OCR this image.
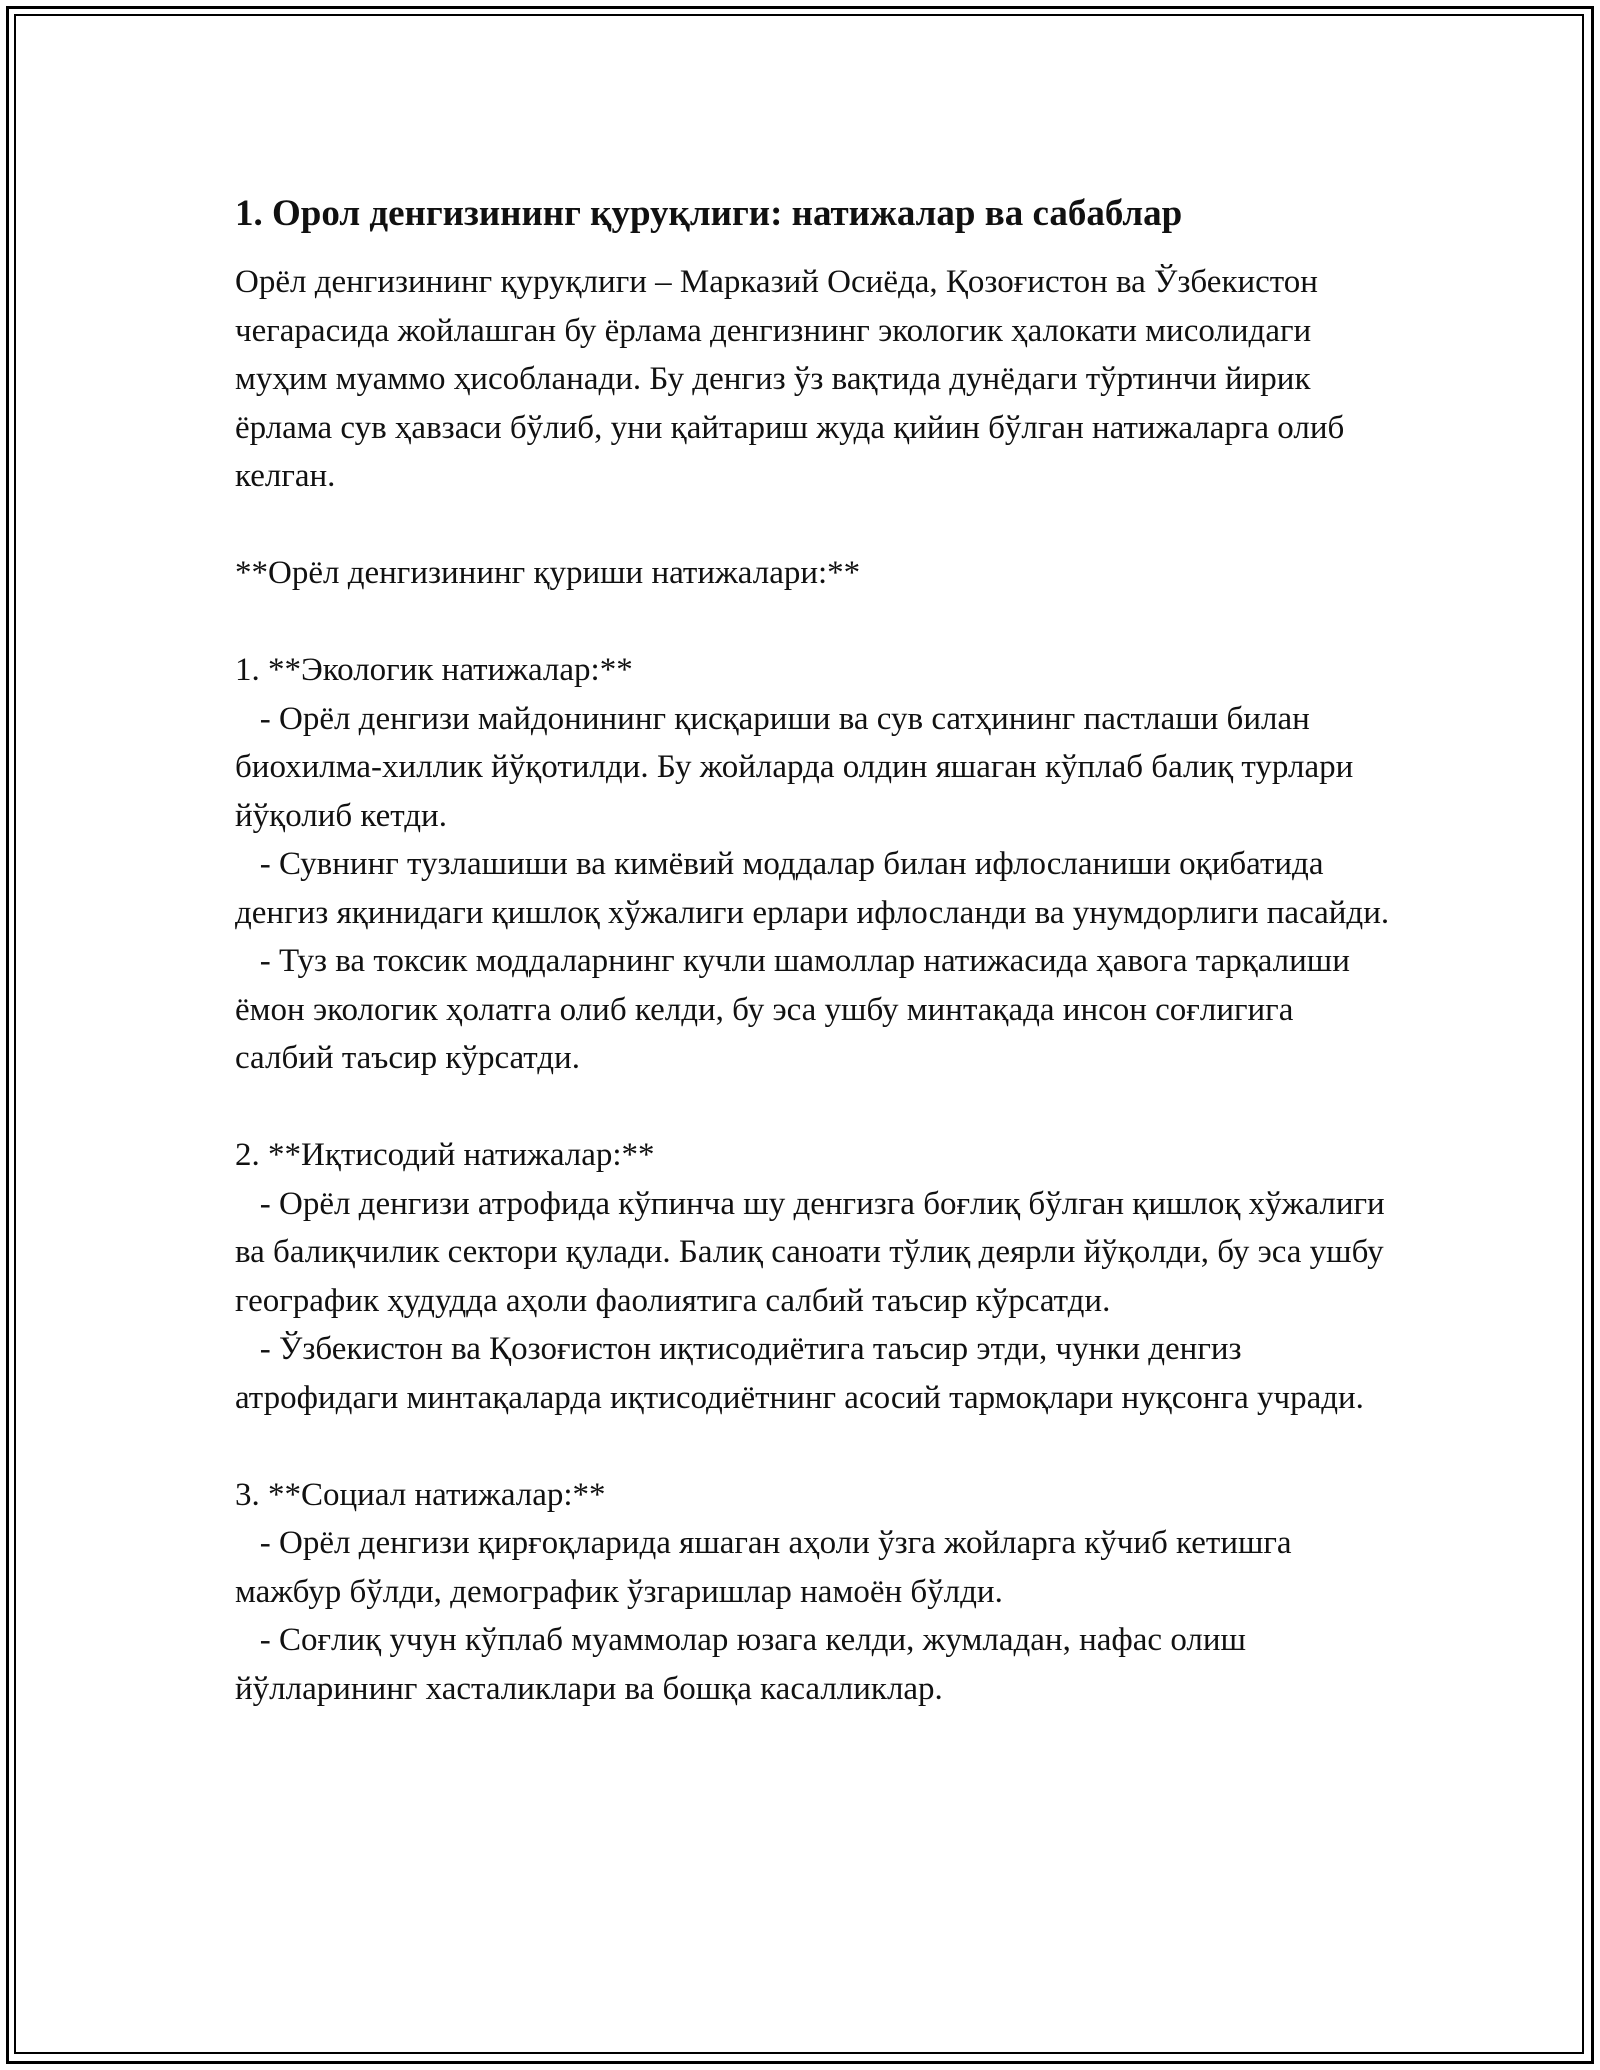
1. Орол денгизининг қуруқлиги: натижалар ва сабаблар

Орёл денгизининг қуруқлиги – Марказий Осиёда, Қозоғистон ва Ўзбекистон чегарасида жойлашган бу ёрлама денгизнинг экологик ҳалокати мисолидаги муҳим муаммо ҳисобланади. Бу денгиз ўз вақтида дунёдаги тўртинчи йирик ёрлама сув ҳавзаси бўлиб, уни қайтариш жуда қийин бўлган натижаларга олиб келган.

**Орёл денгизининг қуриши натижалари:**

1. **Экологик натижалар:**

- Орёл денгизи майдонининг қисқариши ва сув сатҳининг пастлаши билан биохилма-хиллик йўқотилди. Бу жойларда олдин яшаган кўплаб балиқ турлари йўқолиб кетди.

- Сувнинг тузлашиши ва кимёвий моддалар билан ифлосланиши оқибатида денгиз яқинидаги қишлоқ хўжалиги ерлари ифлосланди ва унумдорлиги пасайди.

- Туз ва токсик моддаларнинг кучли шамоллар натижасида ҳавога тарқалиши ёмон экологик ҳолатга олиб келди, бу эса ушбу минтақада инсон соғлигига салбий таъсир кўрсатди.

2. **Иқтисодий натижалар:**

- Орёл денгизи атрофида кўпинча шу денгизга боғлиқ бўлган қишлоқ хўжалиги ва балиқчилик сектори қулади. Балиқ саноати тўлиқ деярли йўқолди, бу эса ушбу географик ҳудудда аҳоли фаолиятига салбий таъсир кўрсатди.

- Ўзбекистон ва Қозоғистон иқтисодиётига таъсир этди, чунки денгиз атрофидаги минтақаларда иқтисодиётнинг асосий тармоқлари нуқсонга учради.

3. **Социал натижалар:**

- Орёл денгизи қирғоқларида яшаган аҳоли ўзга жойларга кўчиб кетишга мажбур бўлди, демографик ўзгаришлар намоён бўлди.

- Соғлиқ учун кўплаб муаммолар юзага келди, жумладан, нафас олиш йўлларининг хасталиклари ва бошқа касалликлар.
